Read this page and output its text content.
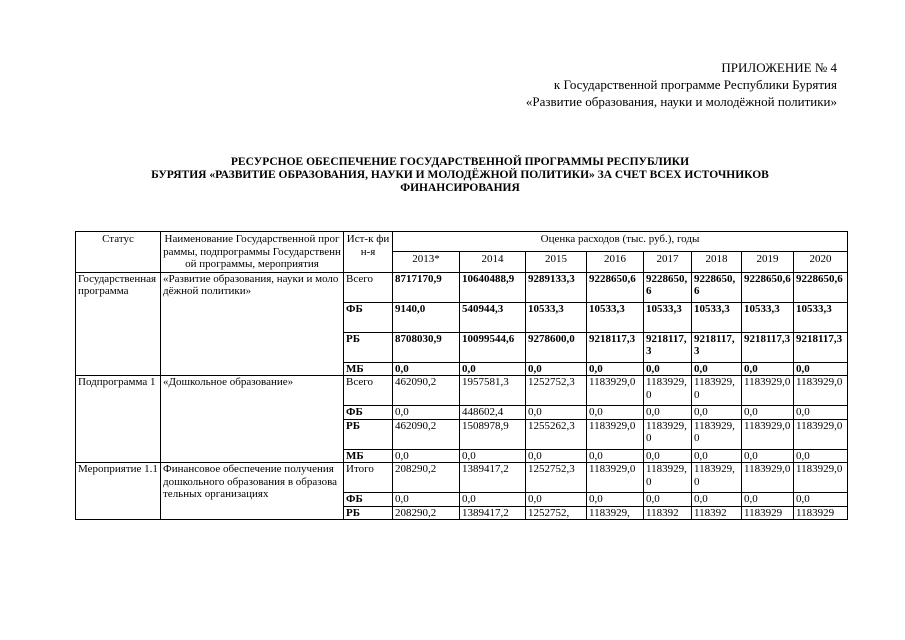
ПРИЛОЖЕНИЕ № 4
к Государственной программе Республики Бурятия
«Развитие образования, науки и молодёжной политики»
РЕСУРСНОЕ ОБЕСПЕЧЕНИЕ ГОСУДАРСТВЕННОЙ ПРОГРАММЫ РЕСПУБЛИКИ
БУРЯТИЯ «РАЗВИТИЕ ОБРАЗОВАНИЯ, НАУКИ И МОЛОДЁЖНОЙ ПОЛИТИКИ» ЗА СЧЕТ ВСЕХ ИСТОЧНИКОВ
ФИНАНСИРОВАНИЯ
Статус	Наименование Государственной программы, подпрограммы Государственной программы, мероприятия	Ист-к фин-я	Оценка расходов (тыс. руб.), годы							
			2013*	2014	2015	2016	2017	2018	2019	2020
Государственная программа	«Развитие образования, науки и молодёжной политики»	Всего	8717170,9	10640488,9	9289133,3	9228650,6	9228650,6	9228650,6	9228650,6	9228650,6
		ФБ	9140,0	540944,3	10533,3	10533,3	10533,3	10533,3	10533,3	10533,3
		РБ	8708030,9	10099544,6	9278600,0	9218117,3	9218117,3	9218117,3	9218117,3	9218117,3
		МБ	0,0	0,0	0,0	0,0	0,0	0,0	0,0	0,0
Подпрограмма 1	«Дошкольное образование»	Всего	462090,2	1957581,3	1252752,3	1183929,0	1183929,0	1183929,0	1183929,0	1183929,0
		ФБ	0,0	448602,4	0,0	0,0	0,0	0,0	0,0	0,0
		РБ	462090,2	1508978,9	1255262,3	1183929,0	1183929,0	1183929,0	1183929,0	1183929,0
		МБ	0,0	0,0	0,0	0,0	0,0	0,0	0,0	0,0
Мероприятие 1.1	Финансовое обеспечение получения дошкольного образования в образовательных организациях	Итого	208290,2	1389417,2	1252752,3	1183929,0	1183929,0	1183929,0	1183929,0	1183929,0
		ФБ	0,0	0,0	0,0	0,0	0,0	0,0	0,0	0,0
		РБ	208290,2	1389417,2	1252752,	1183929,	118392	118392	1183929	1183929
